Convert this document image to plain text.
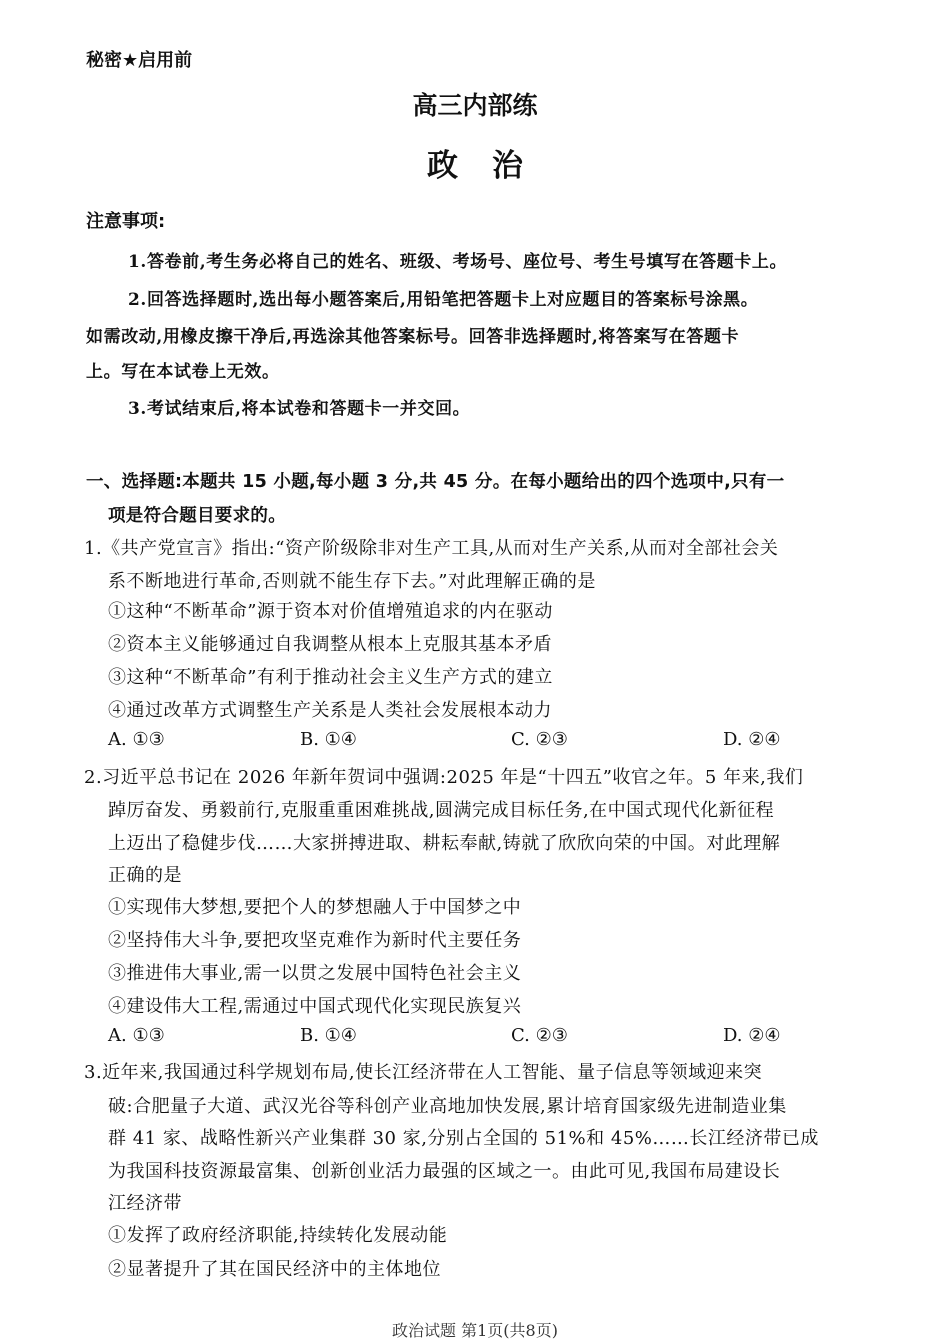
秘密★启用前
高三内部练
政治
注意事项:
1.答卷前,考生务必将自己的姓名、班级、考场号、座位号、考生号填写在答题卡上。
2.回答选择题时,选出每小题答案后,用铅笔把答题卡上对应题目的答案标号涂黑。
如需改动,用橡皮擦干净后,再选涂其他答案标号。回答非选择题时,将答案写在答题卡
上。写在本试卷上无效。
3.考试结束后,将本试卷和答题卡一并交回。
一、选择题:本题共 15 小题,每小题 3 分,共 45 分。在每小题给出的四个选项中,只有一
项是符合题目要求的。
1.《共产党宣言》指出:“资产阶级除非对生产工具,从而对生产关系,从而对全部社会关
系不断地进行革命,否则就不能生存下去。”对此理解正确的是
①这种“不断革命”源于资本对价值增殖追求的内在驱动
②资本主义能够通过自我调整从根本上克服其基本矛盾
③这种“不断革命”有利于推动社会主义生产方式的建立
④通过改革方式调整生产关系是人类社会发展根本动力
A. ①③	B. ①④	C. ②③	D. ②④
2.习近平总书记在 2026 年新年贺词中强调:2025 年是“十四五”收官之年。5 年来,我们
踔厉奋发、勇毅前行,克服重重困难挑战,圆满完成目标任务,在中国式现代化新征程
上迈出了稳健步伐……大家拼搏进取、耕耘奉献,铸就了欣欣向荣的中国。对此理解
正确的是
①实现伟大梦想,要把个人的梦想融人于中国梦之中
②坚持伟大斗争,要把攻坚克难作为新时代主要任务
③推进伟大事业,需一以贯之发展中国特色社会主义
④建设伟大工程,需通过中国式现代化实现民族复兴
A. ①③	B. ①④	C. ②③	D. ②④
3.近年来,我国通过科学规划布局,使长江经济带在人工智能、量子信息等领域迎来突
破:合肥量子大道、武汉光谷等科创产业高地加快发展,累计培育国家级先进制造业集
群 41 家、战略性新兴产业集群 30 家,分别占全国的 51%和 45%……长江经济带已成
为我国科技资源最富集、创新创业活力最强的区域之一。由此可见,我国布局建设长
江经济带
①发挥了政府经济职能,持续转化发展动能
②显著提升了其在国民经济中的主体地位
政治试题 第1页(共8页)
